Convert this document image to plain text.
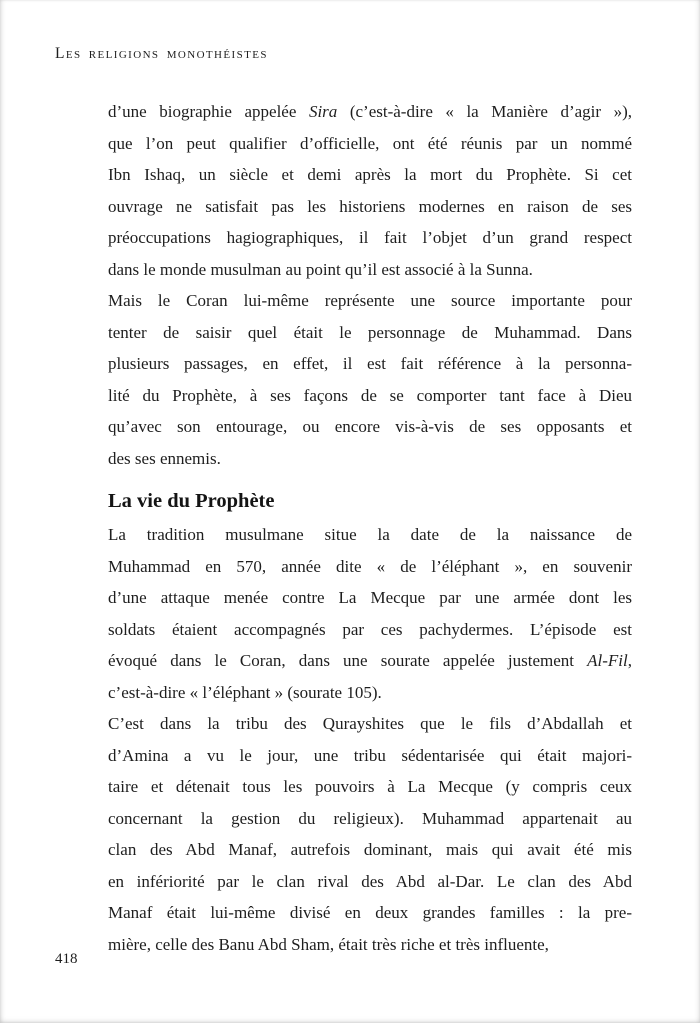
Les religions monothéistes
d’une biographie appelée Sira (c’est-à-dire « la Manière d’agir »),
que l’on peut qualifier d’officielle, ont été réunis par un nommé
Ibn Ishaq, un siècle et demi après la mort du Prophète. Si cet
ouvrage ne satisfait pas les historiens modernes en raison de ses
préoccupations hagiographiques, il fait l’objet d’un grand respect
dans le monde musulman au point qu’il est associé à la Sunna.
Mais le Coran lui-même représente une source importante pour
tenter de saisir quel était le personnage de Muhammad. Dans
plusieurs passages, en effet, il est fait référence à la personna-
lité du Prophète, à ses façons de se comporter tant face à Dieu
qu’avec son entourage, ou encore vis-à-vis de ses opposants et
des ses ennemis.
La vie du Prophète
La tradition musulmane situe la date de la naissance de
Muhammad en 570, année dite « de l’éléphant », en souvenir
d’une attaque menée contre La Mecque par une armée dont les
soldats étaient accompagnés par ces pachydermes. L’épisode est
évoqué dans le Coran, dans une sourate appelée justement Al-Fil,
c’est-à-dire « l’éléphant » (sourate 105).
C’est dans la tribu des Qurayshites que le fils d’Abdallah et
d’Amina a vu le jour, une tribu sédentarisée qui était majori-
taire et détenait tous les pouvoirs à La Mecque (y compris ceux
concernant la gestion du religieux). Muhammad appartenait au
clan des Abd Manaf, autrefois dominant, mais qui avait été mis
en infériorité par le clan rival des Abd al-Dar. Le clan des Abd
Manaf était lui-même divisé en deux grandes familles : la pre-
mière, celle des Banu Abd Sham, était très riche et très influente,
418
